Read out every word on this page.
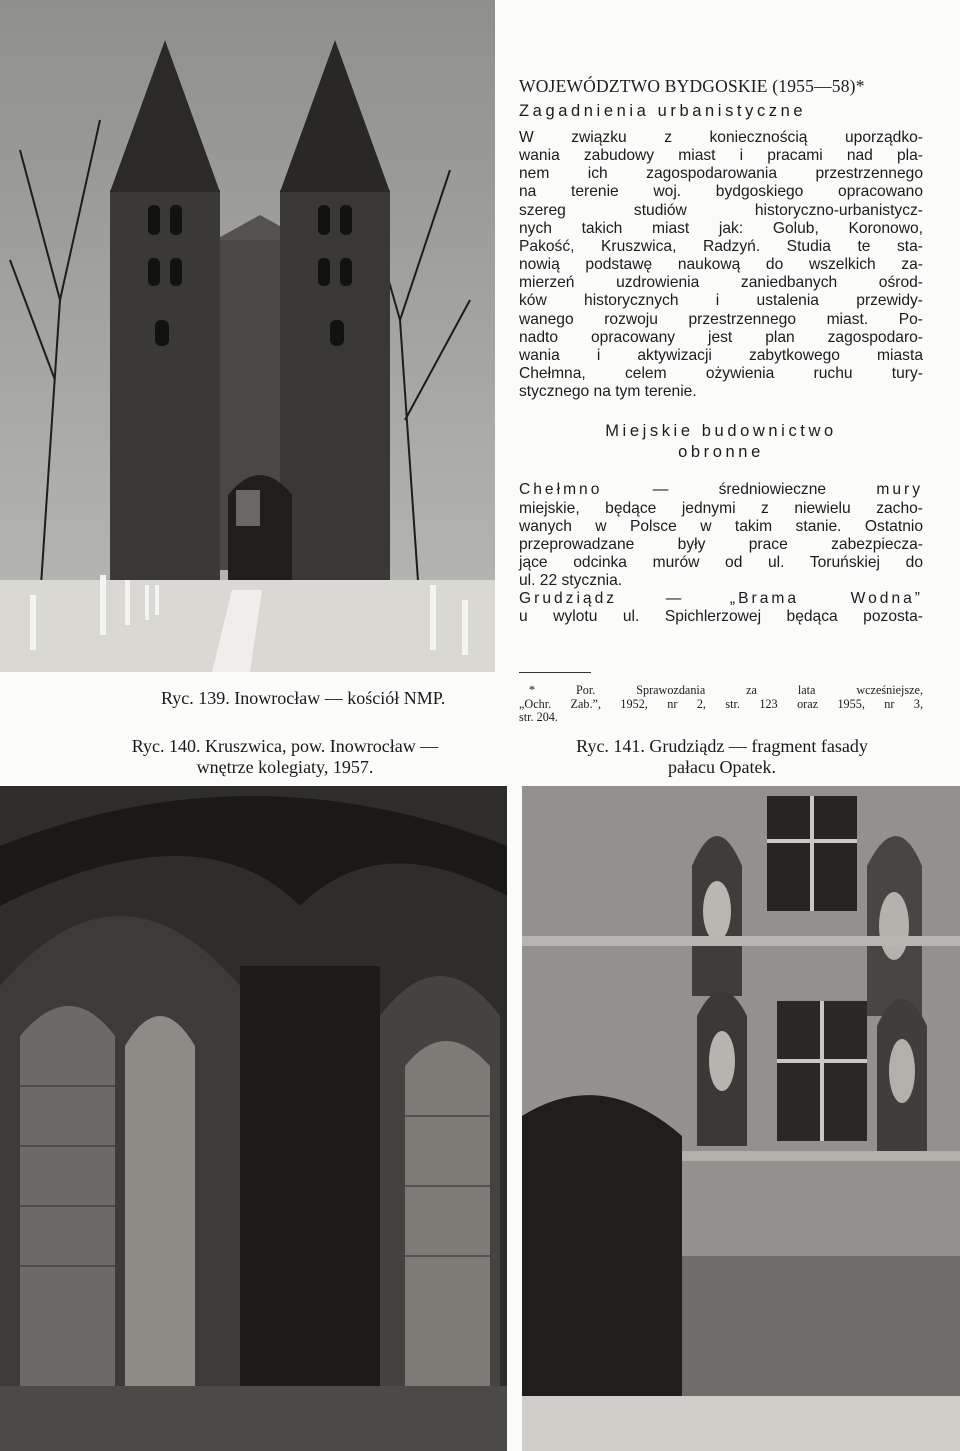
Ryc. 139. Inowrocław — kościół NMP.
Ryc. 140. Kruszwica, pow. Inowrocław —
wnętrze kolegiaty, 1957.
Ryc. 141. Grudziądz — fragment fasady
pałacu Opatek.
WOJEWÓDZTWO BYDGOSKIE (1955—58)*
Zagadnienia urbanistyczne
W związku z koniecznością uporządko-
wania zabudowy miast i pracami nad pla-
nem ich zagospodarowania przestrzennego
na terenie woj. bydgoskiego opracowano
szereg studiów historyczno-urbanistycz-
nych takich miast jak: Golub, Koronowo,
Pakość, Kruszwica, Radzyń. Studia te sta-
nowią podstawę naukową do wszelkich za-
mierzeń uzdrowienia zaniedbanych ośrod-
ków historycznych i ustalenia przewidy-
wanego rozwoju przestrzennego miast. Po-
nadto opracowany jest plan zagospodaro-
wania i aktywizacji zabytkowego miasta
Chełmna, celem ożywienia ruchu tury-
stycznego na tym terenie.
Miejskie budownictwo
obronne
Chełmno — średniowieczne mury
miejskie, będące jednymi z niewielu zacho-
wanych w Polsce w takim stanie. Ostatnio
przeprowadzane były prace zabezpiecza-
jące odcinka murów od ul. Toruńskiej do
ul. 22 stycznia.
Grudziądz — „Brama Wodna”
u wylotu ul. Spichlerzowej będąca pozosta-
* Por. Sprawozdania za lata wcześniejsze,
„Ochr. Zab.”, 1952, nr 2, str. 123 oraz 1955, nr 3,
str. 204.
